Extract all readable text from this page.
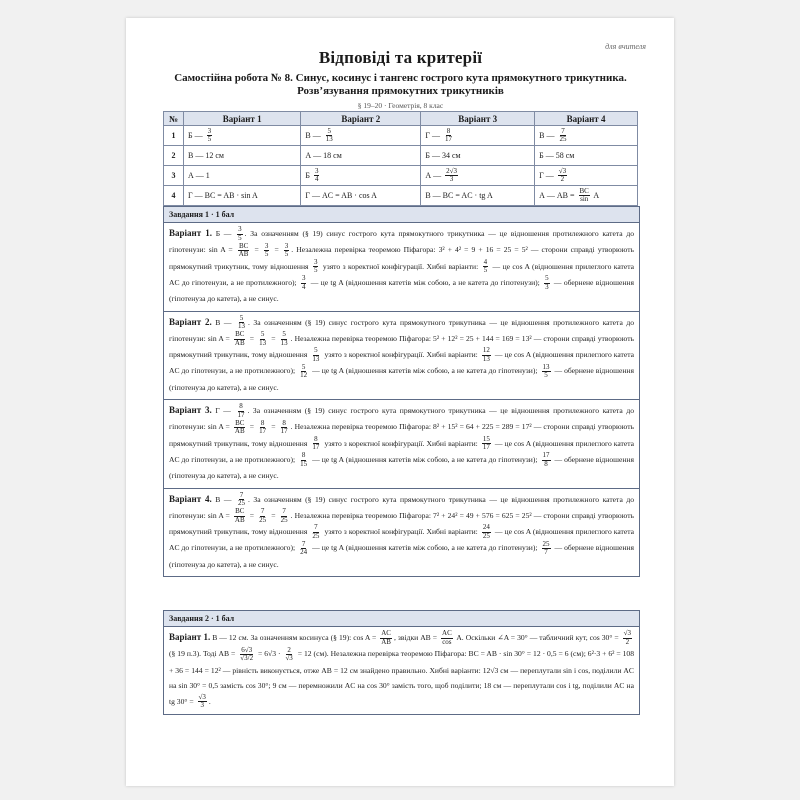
для вчителя
Відповіді та критерії
Самостійна робота № 8. Синус, косинус і тангенс гострого кута прямокутного трикутника.
Розв’язування прямокутних трикутників
§ 19–20 · Геометрія, 8 клас
№	Варіант 1	Варіант 2	Варіант 3	Варіант 4
1	Б — $\frac{3}{5}$	В — $\frac{5}{13}$	Г — $\frac{8}{17}$	В — $\frac{7}{25}$

2	В — 12 см	А — 18 см	Б — 34 см	Б — 58 см
3	А — 1	Б $\frac{3}{4}$	А — $\frac{2√3}{3}$	Г — $\frac{√3}{2}$

4	Г — BC = AB · sin A	Г — AC = AB · cos A	В — BC = AC · tg A	А — AB = $\frac{BC}{\sin}$ A
Завдання 1 · 1 бал
Варіант 1. Б — $\frac{3}{5}$ . За означенням (§ 19) синус гострого кута прямокутного трикутника — це відношення протилежного катета до гіпотенузи: $\sin A = \frac{BC}{AB} = \frac{3}{5} = \frac{3}{5}$ . Незалежна перевірка теоремою Піфагора: 3² + 4² = 9 + 16 = 25 = 5² — сторони справді утворюють прямокутний трикутник, тому відношення $\frac{3}{5}$ узято з коректної конфігурації. Хибні варіанти: $\frac{4}{5}$ — це cos A (відношення прилеглого катета AC до гіпотенузи, а не протилежного); $\frac{3}{4}$ — це tg A (відношення катетів між собою, а не катета до гіпотенузи); $\frac{5}{3}$ — обернене відношення (гіпотенуза до катета), а не синус.
Варіант 2. В — $\frac{5}{13}$ . За означенням (§ 19) синус гострого кута прямокутного трикутника — це відношення протилежного катета до гіпотенузи: $\sin A = \frac{BC}{AB} = \frac{5}{13} = \frac{5}{13}$ . Незалежна перевірка теоремою Піфагора: 5² + 12² = 25 + 144 = 169 = 13² — сторони справді утворюють прямокутний трикутник, тому відношення $\frac{5}{13}$ узято з коректної конфігурації. Хибні варіанти: $\frac{12}{13}$ — це cos A (відношення прилеглого катета AC до гіпотенузи, а не протилежного); $\frac{5}{12}$ — це tg A (відношення катетів між собою, а не катета до гіпотенузи); $\frac{13}{5}$ — обернене відношення (гіпотенуза до катета), а не синус.
Варіант 3. Г — $\frac{8}{17}$ . За означенням (§ 19) синус гострого кута прямокутного трикутника — це відношення протилежного катета до гіпотенузи: $\sin A = \frac{BC}{AB} = \frac{8}{17} = \frac{8}{17}$ . Незалежна перевірка теоремою Піфагора: 8² + 15² = 64 + 225 = 289 = 17² — сторони справді утворюють прямокутний трикутник, тому відношення $\frac{8}{17}$ узято з коректної конфігурації. Хибні варіанти: $\frac{15}{17}$ — це cos A (відношення прилеглого катета AC до гіпотенузи, а не протилежного); $\frac{8}{15}$ — це tg A (відношення катетів між собою, а не катета до гіпотенузи); $\frac{17}{8}$ — обернене відношення (гіпотенуза до катета), а не синус.
Варіант 4. В — $\frac{7}{25}$ . За означенням (§ 19) синус гострого кута прямокутного трикутника — це відношення протилежного катета до гіпотенузи: $\sin A = \frac{BC}{AB} = \frac{7}{25} = \frac{7}{25}$ . Незалежна перевірка теоремою Піфагора: 7² + 24² = 49 + 576 = 625 = 25² — сторони справді утворюють прямокутний трикутник, тому відношення $\frac{7}{25}$ узято з коректної конфігурації. Хибні варіанти: $\frac{24}{25}$ — це cos A (відношення прилеглого катета AC до гіпотенузи, а не протилежного); $\frac{7}{24}$ — це tg A (відношення катетів між собою, а не катета до гіпотенузи); $\frac{25}{7}$ — обернене відношення (гіпотенуза до катета), а не синус.
Завдання 2 · 1 бал
Варіант 1. В — 12 см. За означенням косинуса (§ 19): $\cos A = \frac{AC}{AB}$ , звідки AB = $\frac{AC}{\cos} A$. Оскільки ∠A = 30° — табличний кут, $\cos 30^\circ = \frac{√3}{2}$
(§ 19 п.3). Тоді AB = $\frac{6√3}{√3/2} = 6√3 \cdot \frac{2}{√3} = 12$ (см). Незалежна перевірка теоремою Піфагора: BC = AB · sin 30° = 12 · 0,5 = 6 (см); 6²·3 + 6² = 108 + 36 = 144 = 12² — рівність виконується, отже AB = 12 см знайдено правильно. Хибні варіанти: 12√3 см — переплутали sin і cos, поділили AC на sin 30° = 0,5 замість cos 30°; 9 см — перемножили AC на cos 30° замість того, щоб поділити; 18 см — переплутали cos і tg, поділили AC на tg $30^\circ = \frac{√3}{3}$ .
